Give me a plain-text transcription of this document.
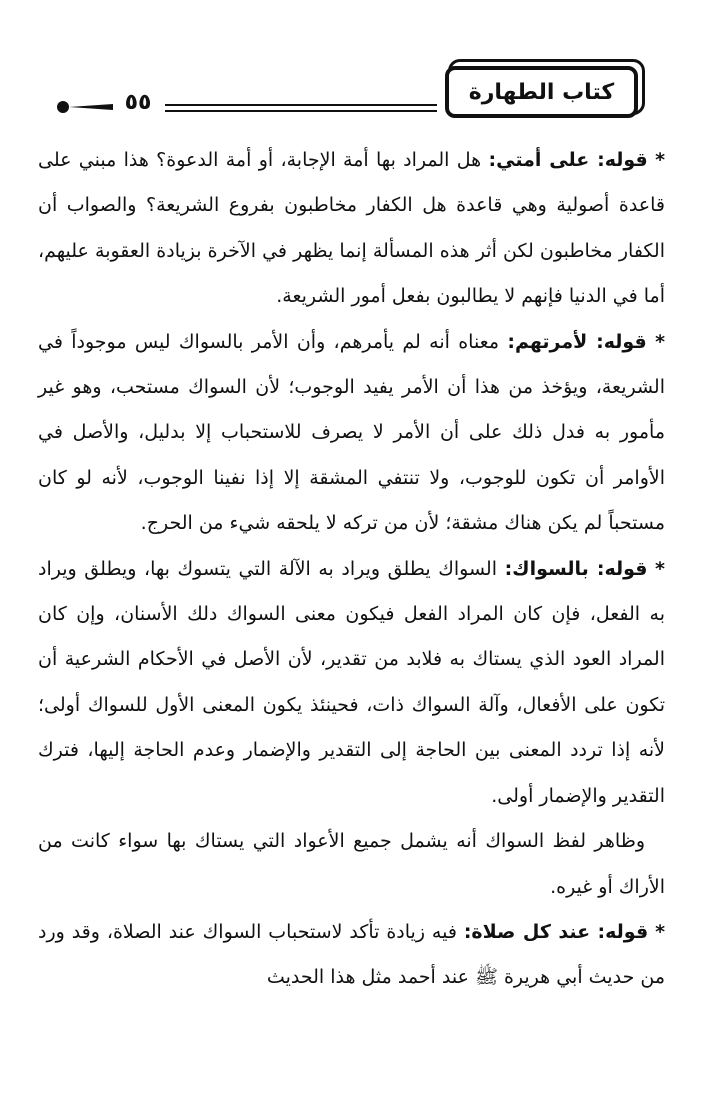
كتاب الطهارة
٥٥

* قوله: على أمتي: هل المراد بها أمة الإجابة، أو أمة الدعوة؟ هذا مبني على قاعدة أصولية وهي قاعدة هل الكفار مخاطبون بفروع الشريعة؟ والصواب أن الكفار مخاطبون لكن أثر هذه المسألة إنما يظهر في الآخرة بزيادة العقوبة عليهم، أما في الدنيا فإنهم لا يطالبون بفعل أمور الشريعة.

* قوله: لأمرتهم: معناه أنه لم يأمرهم، وأن الأمر بالسواك ليس موجوداً في الشريعة، ويؤخذ من هذا أن الأمر يفيد الوجوب؛ لأن السواك مستحب، وهو غير مأمور به فدل ذلك على أن الأمر لا يصرف للاستحباب إلا بدليل، والأصل في الأوامر أن تكون للوجوب، ولا تنتفي المشقة إلا إذا نفينا الوجوب، لأنه لو كان مستحباً لم يكن هناك مشقة؛ لأن من تركه لا يلحقه شيء من الحرج.

* قوله: بالسواك: السواك يطلق ويراد به الآلة التي يتسوك بها، ويطلق ويراد به الفعل، فإن كان المراد الفعل فيكون معنى السواك دلك الأسنان، وإن كان المراد العود الذي يستاك به فلابد من تقدير، لأن الأصل في الأحكام الشرعية أن تكون على الأفعال، وآلة السواك ذات، فحينئذ يكون المعنى الأول للسواك أولى؛ لأنه إذا تردد المعنى بين الحاجة إلى التقدير والإضمار وعدم الحاجة إليها، فترك التقدير والإضمار أولى.

وظاهر لفظ السواك أنه يشمل جميع الأعواد التي يستاك بها سواء كانت من الأراك أو غيره.

* قوله: عند كل صلاة: فيه زيادة تأكد لاستحباب السواك عند الصلاة، وقد ورد من حديث أبي هريرة ﷺ عند أحمد مثل هذا الحديث
